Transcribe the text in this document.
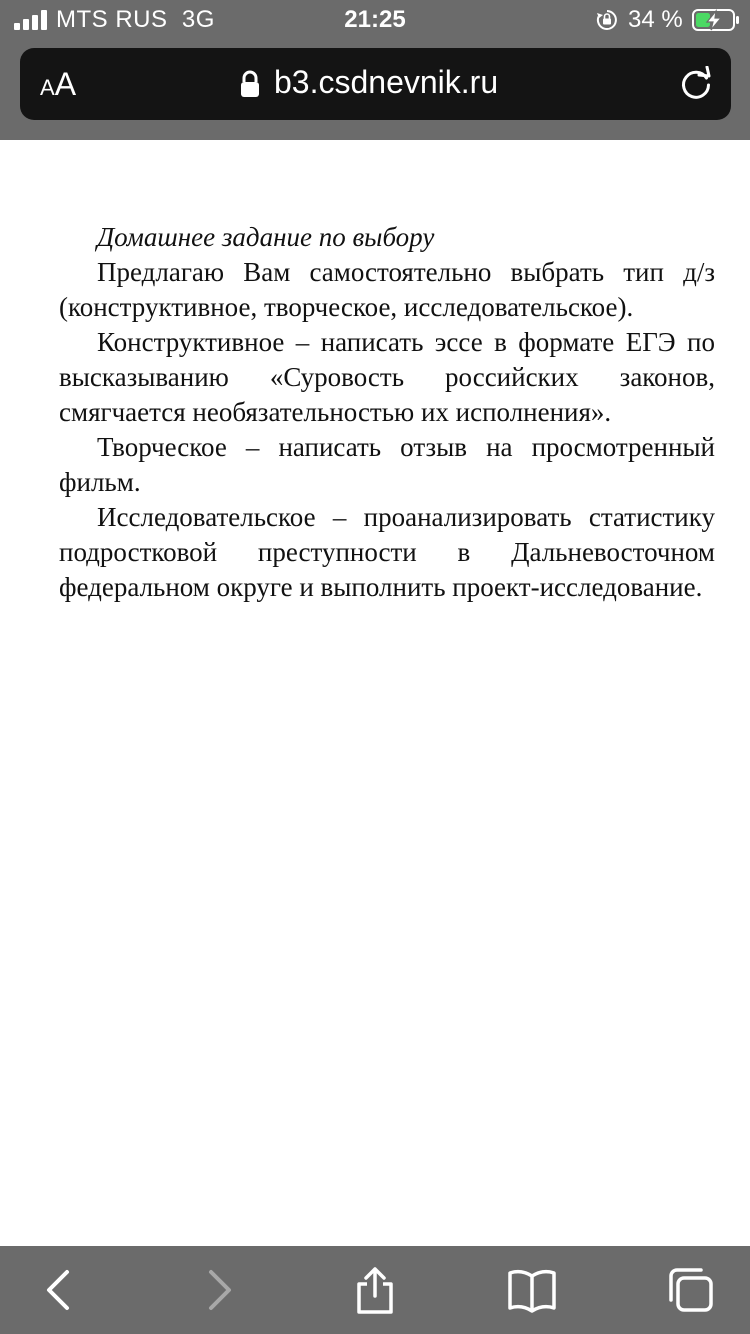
MTS RUS 3G	21:25	34 %
AA	b3.csdnevnik.ru

Домашнее задание по выбору

Предлагаю Вам самостоятельно выбрать тип д/з (конструктивное, творческое, исследовательское).

Конструктивное – написать эссе в формате ЕГЭ по высказыванию «Суровость российских законов, смягчается необязательностью их исполнения».

Творческое – написать отзыв на просмотренный фильм.

Исследовательское – проанализировать статистику подростковой преступности в Дальневосточном федеральном округе и выполнить проект-исследование.
